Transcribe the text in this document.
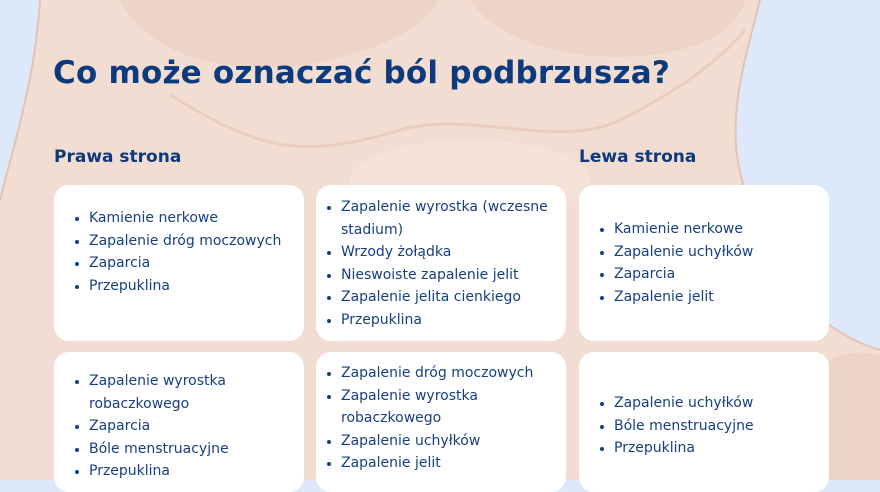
Co może oznaczać ból podbrzusza?
Prawa strona	Lewa strona
Kamienie nerkowe
Zapalenie dróg moczowych
Zaparcia
Przepuklina
Zapalenie wyrostka (wczesne stadium)
Wrzody żołądka
Nieswoiste zapalenie jelit
Zapalenie jelita cienkiego
Przepuklina
Kamienie nerkowe
Zapalenie uchyłków
Zaparcia
Zapalenie jelit
Zapalenie wyrostka robaczkowego
Zaparcia
Bóle menstruacyjne
Przepuklina
Zapalenie dróg moczowych
Zapalenie wyrostka robaczkowego
Zapalenie uchyłków
Zapalenie jelit
Zapalenie uchyłków
Bóle menstruacyjne
Przepuklina
